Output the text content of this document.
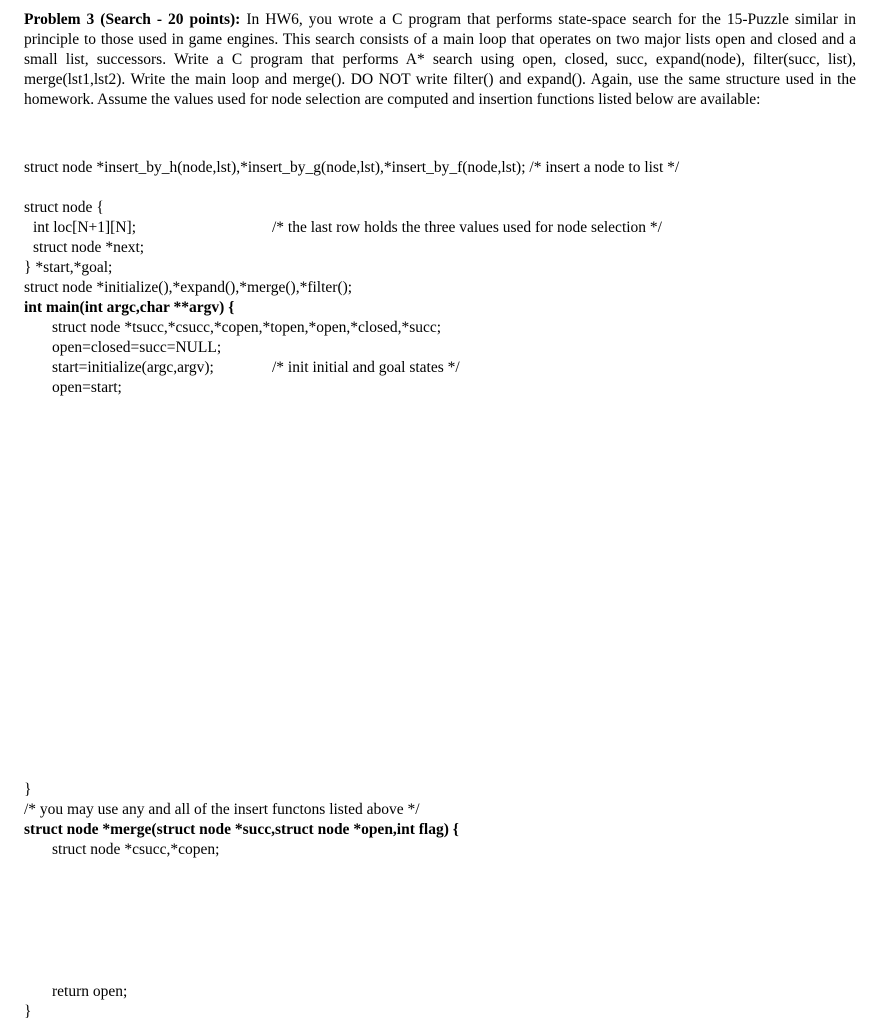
Problem 3 (Search - 20 points): In HW6, you wrote a C program that performs state-space search for the 15-Puzzle similar in principle to those used in game engines. This search consists of a main loop that operates on two major lists open and closed and a small list, successors. Write a C program that performs A* search using open, closed, succ, expand(node), filter(succ, list), merge(lst1,lst2). Write the main loop and merge(). DO NOT write filter() and expand(). Again, use the same structure used in the homework. Assume the values used for node selection are computed and insertion functions listed below are available:

struct node *insert_by_h(node,lst),*insert_by_g(node,lst),*insert_by_f(node,lst); /* insert a node to list */
struct node {
int loc[N+1][N];	/* the last row holds the three values used for node selection */
struct node *next;
} *start,*goal;
struct node *initialize(),*expand(),*merge(),*filter();
int main(int argc,char **argv) {
struct node *tsucc,*csucc,*copen,*topen,*open,*closed,*succ;
open=closed=succ=NULL;
start=initialize(argc,argv);	/* init initial and goal states */
open=start;
}
/* you may use any and all of the insert functons listed above */
struct node *merge(struct node *succ,struct node *open,int flag) {
struct node *csucc,*copen;
return open;
}
